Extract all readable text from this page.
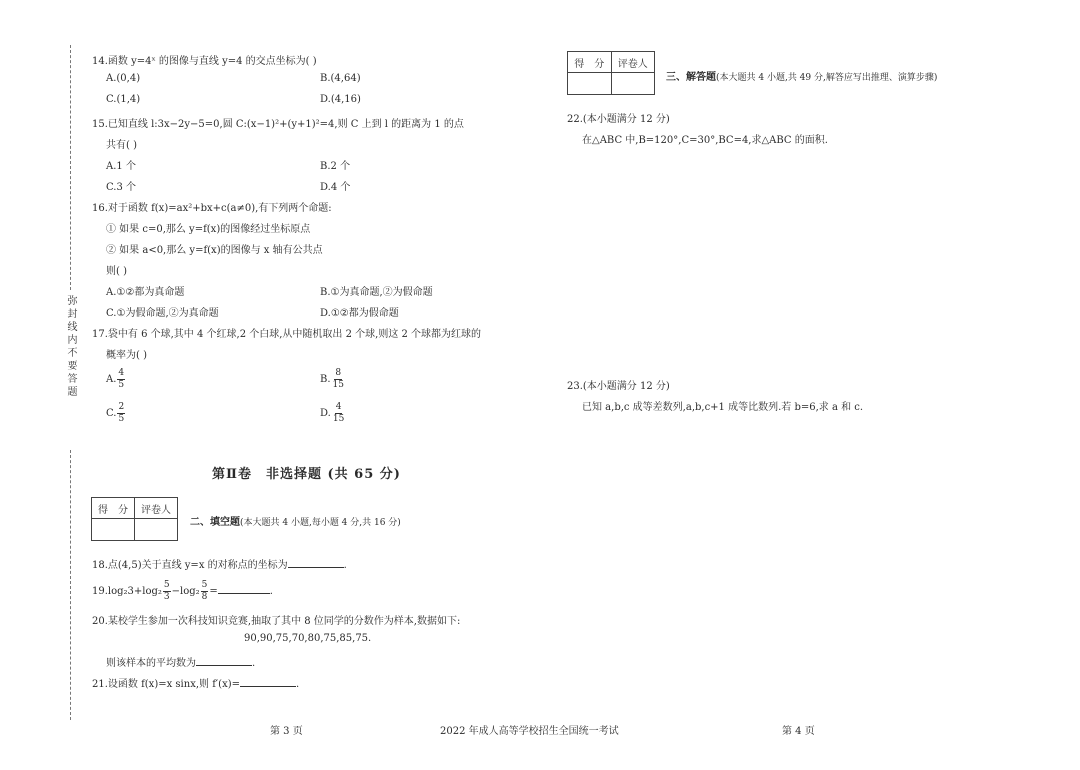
弥封线内不要答题
14.函数 y=4ˣ 的图像与直线 y=4 的交点坐标为( )
A.(0,4)	B.(4,64)
C.(1,4)	D.(4,16)
15.已知直线 l:3x−2y−5=0,圆 C:(x−1)²+(y+1)²=4,则 C 上到 l 的距离为 1 的点
共有( )
A.1 个	B.2 个
C.3 个	D.4 个
16.对于函数 f(x)=ax²+bx+c(a≠0),有下列两个命题:
① 如果 c=0,那么 y=f(x)的图像经过坐标原点
② 如果 a<0,那么 y=f(x)的图像与 x 轴有公共点
则( )
A.①②都为真命题	B.①为真命题,②为假命题
C.①为假命题,②为真命题	D.①②都为假命题
17.袋中有 6 个球,其中 4 个红球,2 个白球,从中随机取出 2 个球,则这 2 个球都为红球的
概率为( )
A. $\frac{4}{5}$	B. $\frac{8}{15}$
C. $\frac{2}{5}$	D. $\frac{4}{15}$
第Ⅱ卷　非选择题 (共 65 分)
得　分	评卷人

二、填空题(本大题共 4 小题,每小题 4 分,共 16 分)
18.点(4,5)关于直线 y=x 的对称点的坐标为	.
$19.\log_23+\log_2 \frac{5}{3} -\log_2 \frac{5}{8}$ =	.
20.某校学生参加一次科技知识竞赛,抽取了其中 8 位同学的分数作为样本,数据如下:
90,90,75,70,80,75,85,75.
则该样本的平均数为	.
21.设函数 f(x)=x sinx,则 f′(x)=	.
得　分	评卷人

三、解答题(本大题共 4 小题,共 49 分,解答应写出推理、演算步骤)
22.(本小题满分 12 分)
在△ABC 中,B=120°,C=30°,BC=4,求△ABC 的面积.
23.(本小题满分 12 分)
已知 a,b,c 成等差数列,a,b,c+1 成等比数列.若 b=6,求 a 和 c.
第 3 页	2022 年成人高等学校招生全国统一考试	第 4 页
